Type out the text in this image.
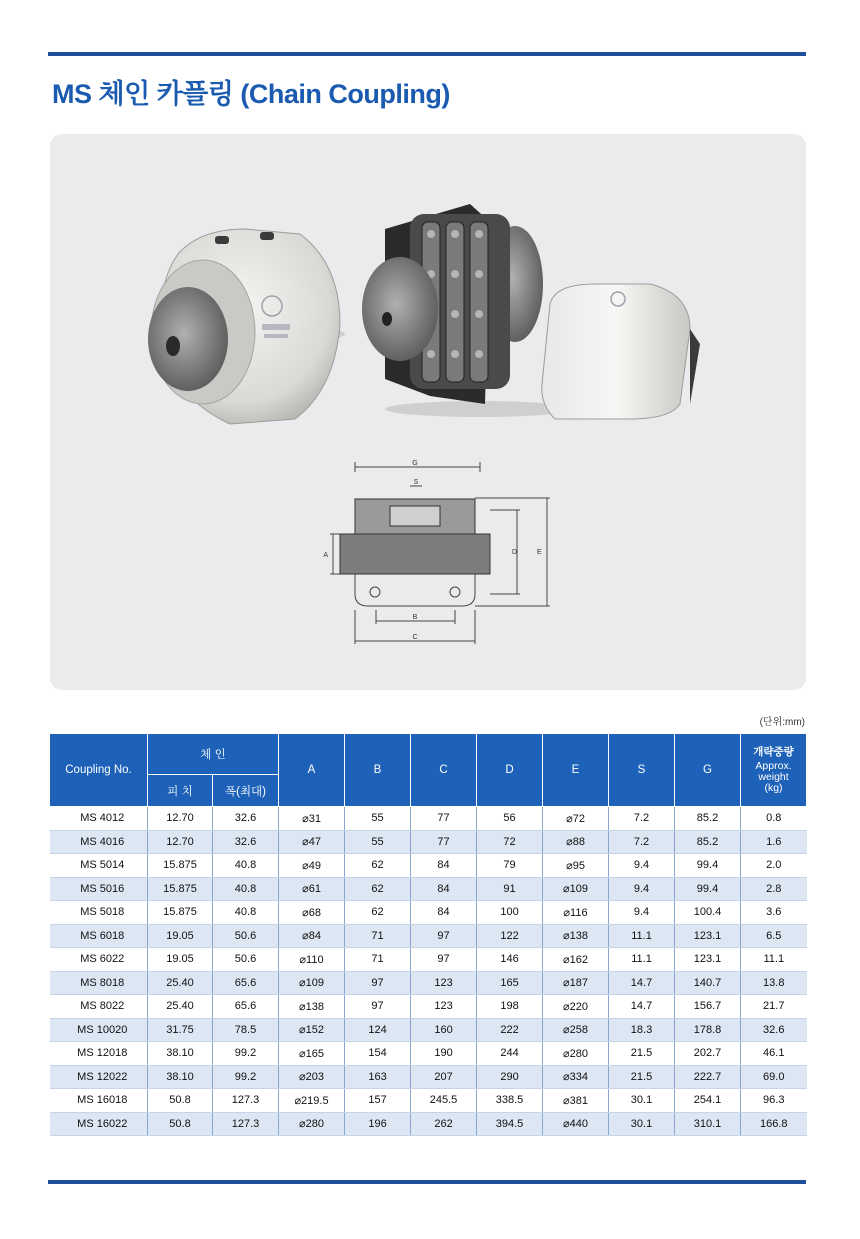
MS 체인 카플링 (Chain Coupling)
G
S
A	D	E
B
C
(단위:mm)
Coupling No.	체 인		A	B	C	D	E	S	G	개략중량
Approx.
weight
(kg)

	피 치	폭(최대)								
MS 4012	12.70	32.6	⌀31	55	77	56	⌀72	7.2	85.2	0.8
MS 4016	12.70	32.6	⌀47	55	77	72	⌀88	7.2	85.2	1.6
MS 5014	15.875	40.8	⌀49	62	84	79	⌀95	9.4	99.4	2.0
MS 5016	15.875	40.8	⌀61	62	84	91	⌀109	9.4	99.4	2.8
MS 5018	15.875	40.8	⌀68	62	84	100	⌀116	9.4	100.4	3.6
MS 6018	19.05	50.6	⌀84	71	97	122	⌀138	11.1	123.1	6.5
MS 6022	19.05	50.6	⌀110	71	97	146	⌀162	11.1	123.1	11.1
MS 8018	25.40	65.6	⌀109	97	123	165	⌀187	14.7	140.7	13.8
MS 8022	25.40	65.6	⌀138	97	123	198	⌀220	14.7	156.7	21.7
MS 10020	31.75	78.5	⌀152	124	160	222	⌀258	18.3	178.8	32.6
MS 12018	38.10	99.2	⌀165	154	190	244	⌀280	21.5	202.7	46.1
MS 12022	38.10	99.2	⌀203	163	207	290	⌀334	21.5	222.7	69.0
MS 16018	50.8	127.3	⌀219.5	157	245.5	338.5	⌀381	30.1	254.1	96.3
MS 16022	50.8	127.3	⌀280	196	262	394.5	⌀440	30.1	310.1	166.8
